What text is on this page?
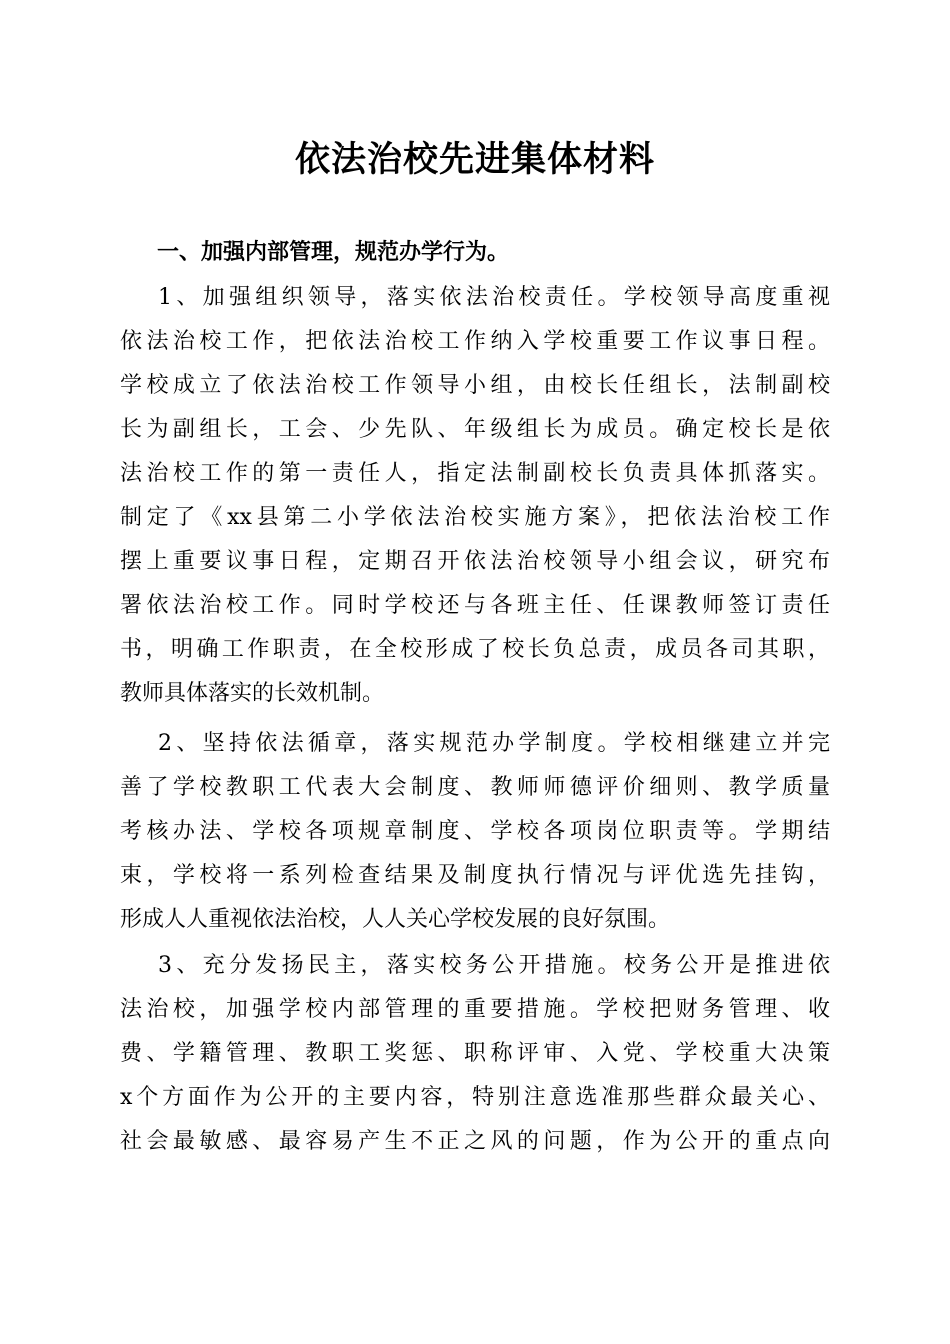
依法治校先进集体材料
一、加强内部管理，规范办学行为。
1、加强组织领导，落实依法治校责任。学校领导高度重视
依法治校工作，把依法治校工作纳入学校重要工作议事日程。
学校成立了依法治校工作领导小组，由校长任组长，法制副校
长为副组长，工会、少先队、年级组长为成员。确定校长是依
法治校工作的第一责任人，指定法制副校长负责具体抓落实。
制定了《xx县第二小学依法治校实施方案》，把依法治校工作
摆上重要议事日程，定期召开依法治校领导小组会议，研究布
署依法治校工作。同时学校还与各班主任、任课教师签订责任
书，明确工作职责，在全校形成了校长负总责，成员各司其职，
教师具体落实的长效机制。
2、坚持依法循章，落实规范办学制度。学校相继建立并完
善了学校教职工代表大会制度、教师师德评价细则、教学质量
考核办法、学校各项规章制度、学校各项岗位职责等。学期结
束，学校将一系列检查结果及制度执行情况与评优选先挂钩，
形成人人重视依法治校，人人关心学校发展的良好氛围。
3、充分发扬民主，落实校务公开措施。校务公开是推进依
法治校，加强学校内部管理的重要措施。学校把财务管理、收
费、学籍管理、教职工奖惩、职称评审、入党、学校重大决策
x个方面作为公开的主要内容，特别注意选准那些群众最关心、
社会最敏感、最容易产生不正之风的问题，作为公开的重点向
